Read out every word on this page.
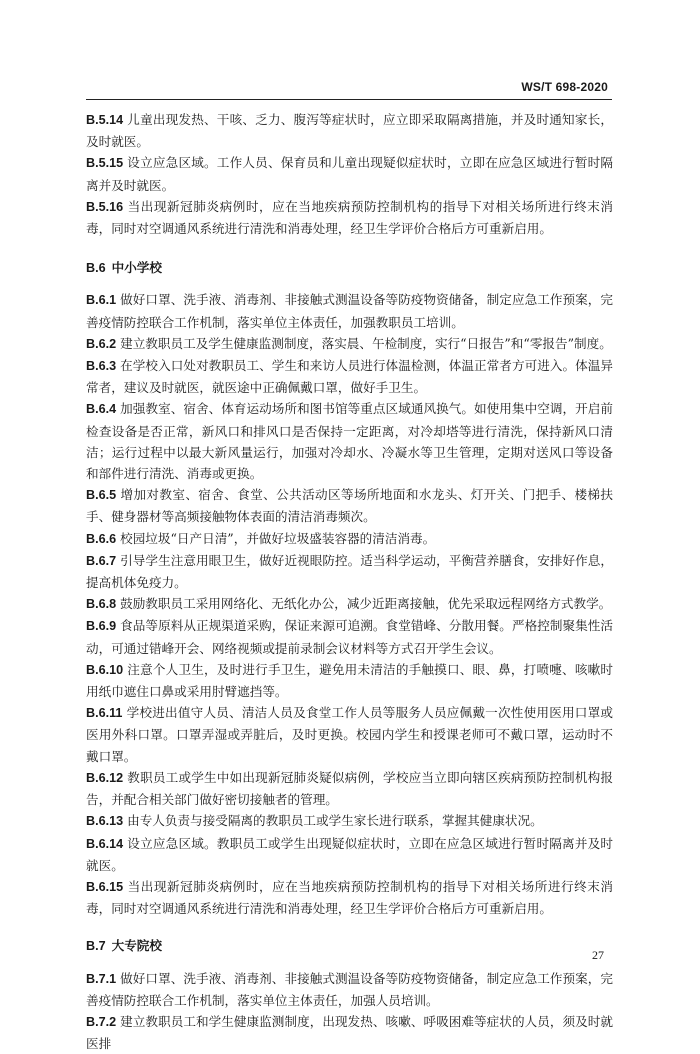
WS/T 698-2020

B.5.14 儿童出现发热、干咳、乏力、腹泻等症状时，应立即采取隔离措施，并及时通知家长，及时就医。

B.5.15 设立应急区域。工作人员、保育员和儿童出现疑似症状时，立即在应急区域进行暂时隔离并及时就医。

B.5.16 当出现新冠肺炎病例时，应在当地疾病预防控制机构的指导下对相关场所进行终末消毒，同时对空调通风系统进行清洗和消毒处理，经卫生学评价合格后方可重新启用。

B.6 中小学校

B.6.1 做好口罩、洗手液、消毒剂、非接触式测温设备等防疫物资储备，制定应急工作预案，完善疫情防控联合工作机制，落实单位主体责任，加强教职员工培训。

B.6.2 建立教职员工及学生健康监测制度，落实晨、午检制度，实行“日报告”和“零报告”制度。

B.6.3 在学校入口处对教职员工、学生和来访人员进行体温检测，体温正常者方可进入。体温异常者，建议及时就医，就医途中正确佩戴口罩，做好手卫生。

B.6.4 加强教室、宿舍、体育运动场所和图书馆等重点区域通风换气。如使用集中空调，开启前检查设备是否正常，新风口和排风口是否保持一定距离，对冷却塔等进行清洗，保持新风口清洁；运行过程中以最大新风量运行，加强对冷却水、冷凝水等卫生管理，定期对送风口等设备和部件进行清洗、消毒或更换。

B.6.5 增加对教室、宿舍、食堂、公共活动区等场所地面和水龙头、灯开关、门把手、楼梯扶手、健身器材等高频接触物体表面的清洁消毒频次。

B.6.6 校园垃圾“日产日清”，并做好垃圾盛装容器的清洁消毒。

B.6.7 引导学生注意用眼卫生，做好近视眼防控。适当科学运动，平衡营养膳食，安排好作息，提高机体免疫力。

B.6.8 鼓励教职员工采用网络化、无纸化办公，减少近距离接触，优先采取远程网络方式教学。

B.6.9 食品等原料从正规渠道采购，保证来源可追溯。食堂错峰、分散用餐。严格控制聚集性活动，可通过错峰开会、网络视频或提前录制会议材料等方式召开学生会议。

B.6.10 注意个人卫生，及时进行手卫生，避免用未清洁的手触摸口、眼、鼻，打喷嚏、咳嗽时用纸巾遮住口鼻或采用肘臂遮挡等。

B.6.11 学校进出值守人员、清洁人员及食堂工作人员等服务人员应佩戴一次性使用医用口罩或医用外科口罩。口罩弄湿或弄脏后，及时更换。校园内学生和授课老师可不戴口罩，运动时不戴口罩。

B.6.12 教职员工或学生中如出现新冠肺炎疑似病例，学校应当立即向辖区疾病预防控制机构报告，并配合相关部门做好密切接触者的管理。

B.6.13 由专人负责与接受隔离的教职员工或学生家长进行联系，掌握其健康状况。

B.6.14 设立应急区域。教职员工或学生出现疑似症状时，立即在应急区域进行暂时隔离并及时就医。

B.6.15 当出现新冠肺炎病例时，应在当地疾病预防控制机构的指导下对相关场所进行终末消毒，同时对空调通风系统进行清洗和消毒处理，经卫生学评价合格后方可重新启用。

B.7 大专院校

B.7.1 做好口罩、洗手液、消毒剂、非接触式测温设备等防疫物资储备，制定应急工作预案，完善疫情防控联合工作机制，落实单位主体责任，加强人员培训。

B.7.2 建立教职员工和学生健康监测制度，出现发热、咳嗽、呼吸困难等症状的人员，须及时就医排

27
